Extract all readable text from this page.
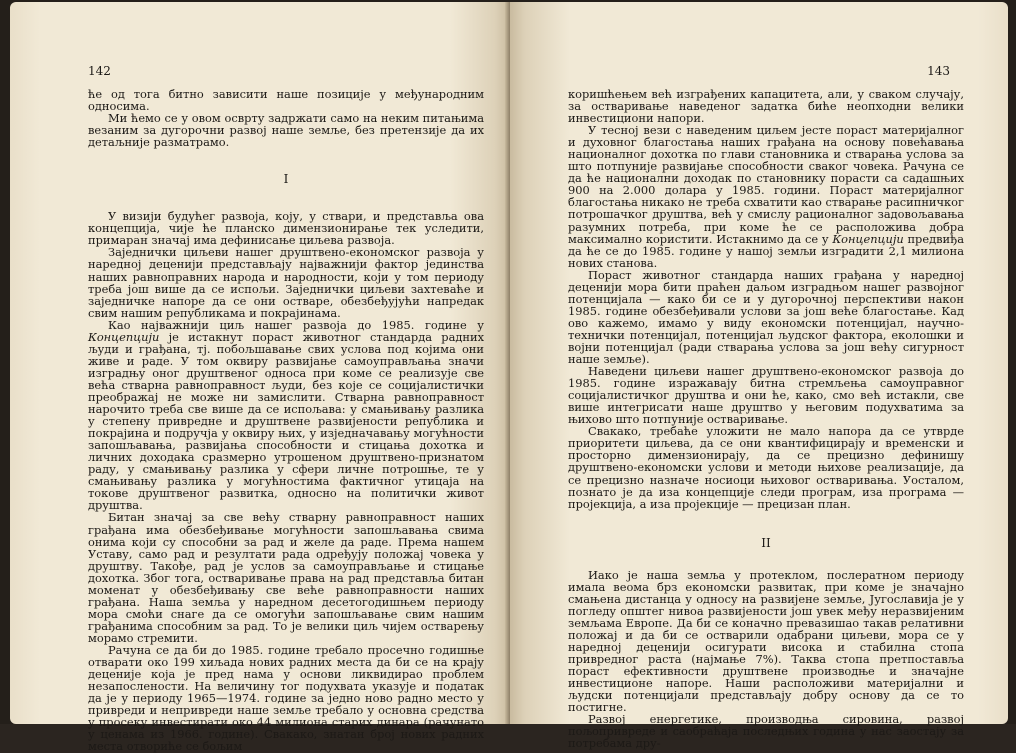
142

ће од тога битно зависити наше позиције у међународним односима.

Ми ћемо се у овом осврту задржати само на неким питањима везаним за дугорочни развој наше земље, без претензије да их детаљније разматрамо.

I

У визији будућег развоја, коју, у ствари, и представља ова концепција, чије ће планско димензионирање тек уследити, примаран значај има дефинисање циљева развоја.

Заједнички циљеви нашег друштвено-економског развоја у наредној деценији представљају најважнији фактор јединства наших равноправних народа и народности, који у том периоду треба још више да се испољи. Заједнички циљеви захтеваће и заједничке напоре да се они остваре, обезбеђујући напредак свим нашим републикама и покрајинама.

Као најважнији циљ нашег развоја до 1985. године у Концепцији је истакнут пораст животног стандарда радних људи и грађана, тј. побољшавање свих услова под којима они живе и раде. У том оквиру развијање самоуправљања значи изградњу оног друштвеног односа при коме се реализује све већа стварна равноправност људи, без које се социјалистички преображај не може ни замислити. Стварна равноправност нарочито треба све више да се испољава: у смањивању разлика у степену привредне и друштвене развијености република и покрајина и подручја у оквиру њих, у изједначавању могућности запошљавања, развијања способности и стицања дохотка и личних доходака сразмерно утрошеном друштвено-признатом раду, у смањивању разлика у сфери личне потрошње, те у смањивању разлика у могућностима фактичног утицаја на токове друштвеног развитка, односно на политички живот друштва.

Битан значај за све већу стварну равноправност наших грађана има обезбеђивање могућности запошљавања свима онима који су способни за рад и желе да раде. Према нашем Уставу, само рад и резултати рада одређују положај човека у друштву. Такође, рад је услов за самоуправљање и стицање дохотка. Због тога, остваривање права на рад представља битан моменат у обезбеђивању све веће равноправности наших грађана. Наша земља у наредном десетогодишњем периоду мора смоћи снаге да се омогући запошљавање свим нашим грађанима способним за рад. То је велики циљ чијем остварењу морамо стремити.

Рачуна се да би до 1985. године требало просечно годишње отварати око 199 хиљада нових радних места да би се на крају деценије која је пред нама у основи ликвидирао проблем незапослености. На величину тог подухвата указује и податак да је у периоду 1965—1974. године за једно ново радно место у привреди и непривреди наше земље требало у основна средства у просеку инвестирати око 44 милиона старих динара (рачунато у ценама из 1966. године). Свакако, знатан број нових радних места отвориће се бољим

143

коришћењем већ изграђених капацитета, али, у сваком случају, за остваривање наведеног задатка биће неопходни велики инвестициони напори.

У тесној вези с наведеним циљем јесте пораст материјалног и духовног благостања наших грађана на основу повећавања националног дохотка по глави становника и стварања услова за што потпуније развијање способности сваког човека. Рачуна се да ће национални доходак по становнику порасти са садашњих 900 на 2.000 долара у 1985. години. Пораст материјалног благостања никако не треба схватити као стварање расипничког потрошачког друштва, већ у смислу рационалног задовољавања разумних потреба, при коме ће се расположива добра максимално користити. Истакнимо да се у Концепцији предвиђа да ће се до 1985. године у нашој земљи изградити 2,1 милиона нових станова.

Пораст животног стандарда наших грађана у наредној деценији мора бити праћен даљом изградњом нашег развојног потенцијала — како би се и у дугорочној перспективи након 1985. године обезбеђивали услови за још веће благостање. Кад ово кажемо, имамо у виду економски потенцијал, научно-технички потенцијал, потенцијал људског фактора, еколошки и војни потенцијал (ради стварања услова за још већу сигурност наше земље).

Наведени циљеви нашег друштвено-економског развоја до 1985. године изражавају битна стремљења самоуправног социјалистичког друштва и они ће, како, смо већ истакли, све више интегрисати наше друштво у његовим подухватима за њихово што потпуније остваривање.

Свакако, требаће уложити не мало напора да се утврде приоритети циљева, да се они квантифицирају и временски и просторно димензионирају, да се прецизно дефинишу друштвено-економски услови и методи њихове реализације, да се прецизно назначе носиоци њиховог остваривања. Уосталом, познато је да иза концепције следи програм, иза програма — пројекција, а иза пројекције — прецизан план.

II

Иако је наша земља у протеклом, послератном периоду имала веома брз економски развитак, при коме је значајно смањена дистанца у односу на развијене земље, Југославија је у погледу општег нивоа развијености још увек међу неразвијеним земљама Европе. Да би се коначно превазишао такав релативни положај и да би се остварили одабрани циљеви, мора се у наредној деценији осигурати висока и стабилна стопа привредног раста (најмање 7%). Таква стопа претпоставља пораст ефективности друштвене производње и значајне инвестиционе напоре. Наши расположиви материјални и људски потенцијали представљају добру основу да се то постигне.

Развој енергетике, производња сировина, развој пољопривреде и саобраћаја последњих година у нас заостају за потребама дру-
